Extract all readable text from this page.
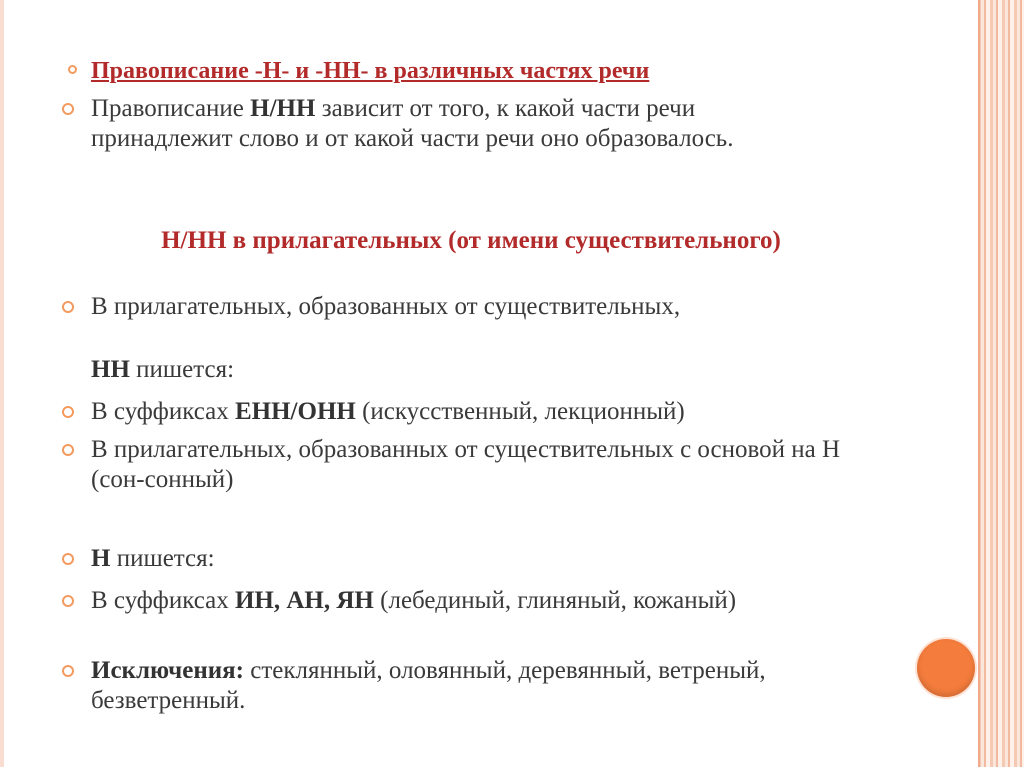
Правописание -Н- и -НН- в различных частях речи
Правописание Н/НН зависит от того, к какой части речи принадлежит слово и от какой части речи оно образовалось.
Н/НН в прилагательных (от имени существительного)
В прилагательных, образованных от существительных,
НН пишется:
В суффиксах ЕНН/ОНН (искусственный, лекционный)
В прилагательных, образованных от существительных с основой на Н (сон-сонный)
Н пишется:
В суффиксах ИН, АН, ЯН (лебединый, глиняный, кожаный)
Исключения: стеклянный, оловянный, деревянный, ветреный, безветренный.
